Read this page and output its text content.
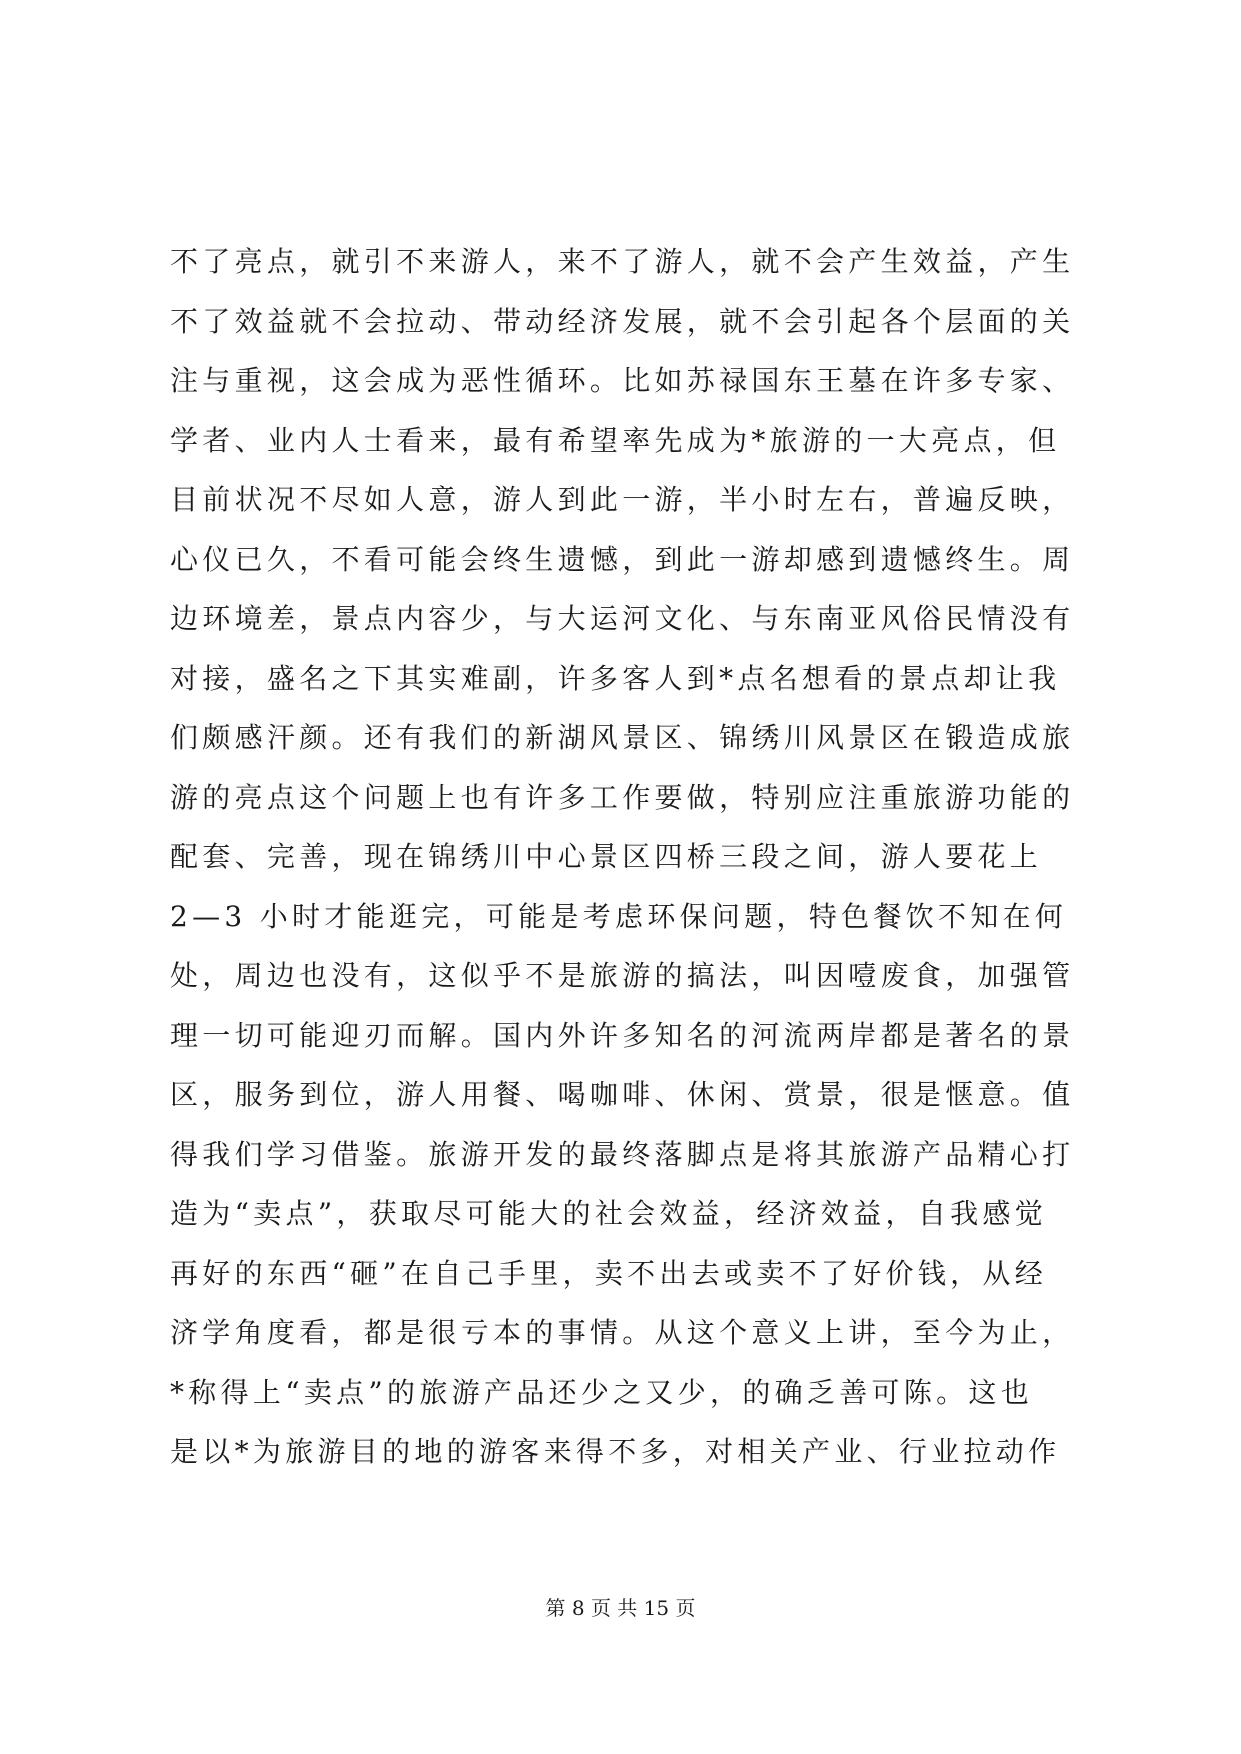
不了亮点，就引不来游人，来不了游人，就不会产生效益，产生
不了效益就不会拉动、带动经济发展，就不会引起各个层面的关
注与重视，这会成为恶性循环。比如苏禄国东王墓在许多专家、
学者、业内人士看来，最有希望率先成为*旅游的一大亮点，但
目前状况不尽如人意，游人到此一游，半小时左右，普遍反映，
心仪已久，不看可能会终生遗憾，到此一游却感到遗憾终生。周
边环境差，景点内容少，与大运河文化、与东南亚风俗民情没有
对接，盛名之下其实难副，许多客人到*点名想看的景点却让我
们颇感汗颜。还有我们的新湖风景区、锦绣川风景区在锻造成旅
游的亮点这个问题上也有许多工作要做，特别应注重旅游功能的
配套、完善，现在锦绣川中心景区四桥三段之间，游人要花上
2—3 小时才能逛完，可能是考虑环保问题，特色餐饮不知在何
处，周边也没有，这似乎不是旅游的搞法，叫因噎废食，加强管
理一切可能迎刃而解。国内外许多知名的河流两岸都是著名的景
区，服务到位，游人用餐、喝咖啡、休闲、赏景，很是惬意。值
得我们学习借鉴。旅游开发的最终落脚点是将其旅游产品精心打
造为“卖点”，获取尽可能大的社会效益，经济效益，自我感觉
再好的东西“砸”在自己手里，卖不出去或卖不了好价钱，从经
济学角度看，都是很亏本的事情。从这个意义上讲，至今为止，
*称得上“卖点”的旅游产品还少之又少，的确乏善可陈。这也
是以*为旅游目的地的游客来得不多，对相关产业、行业拉动作
第 8 页 共 15 页
